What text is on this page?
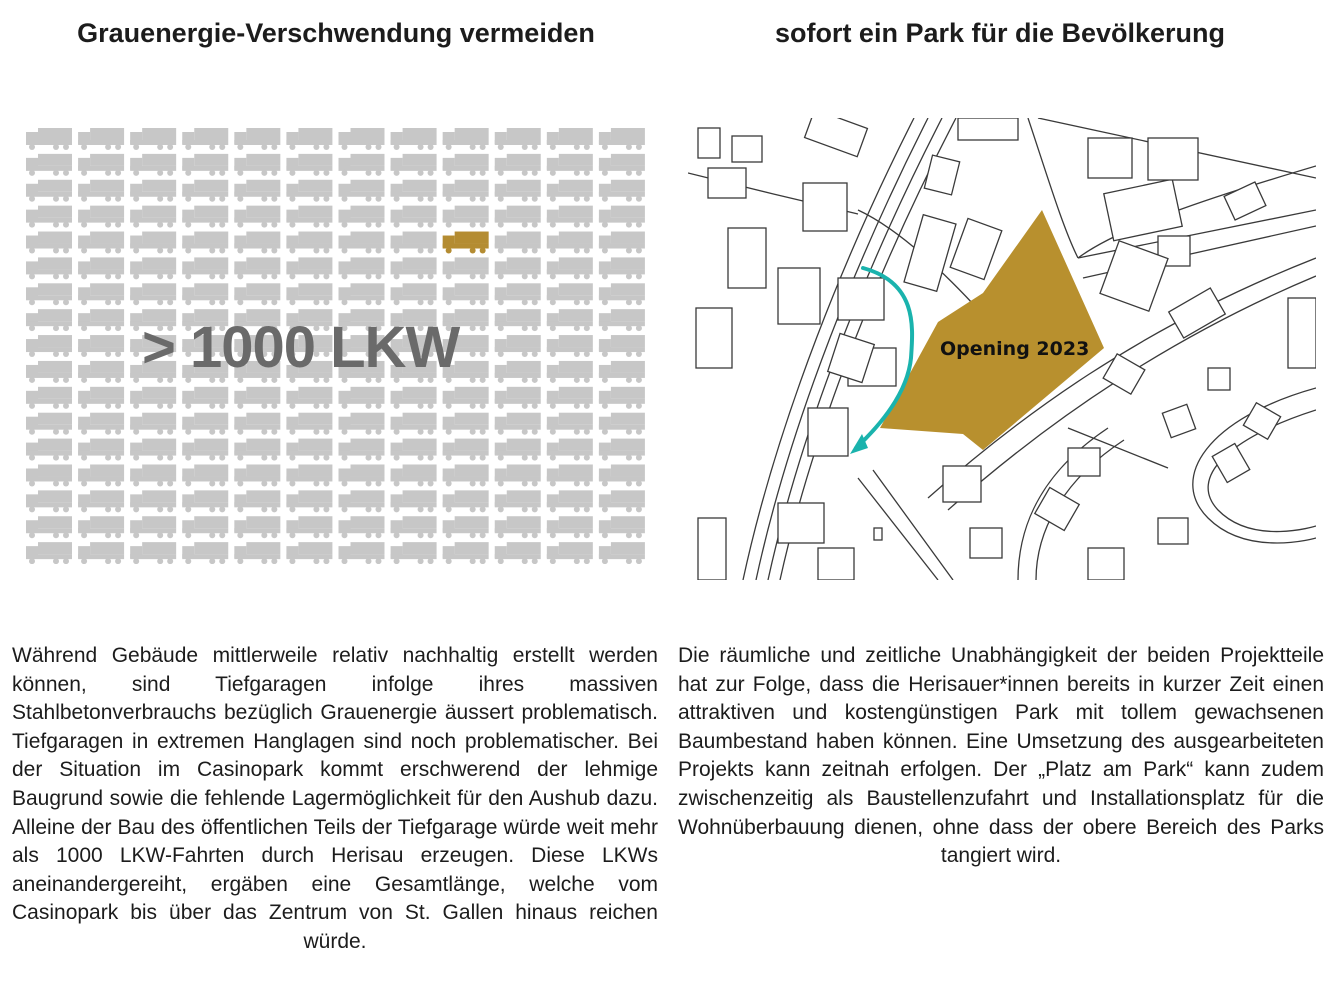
Grauenergie-Verschwendung vermeiden	sofort ein Park für die Bevölkerung
> 1000 LKW	Opening 2023
Während Gebäude mittlerweile relativ nachhaltig erstellt werden können, sind Tiefgaragen infolge ihres massiven Stahlbetonverbrauchs bezüglich Grauenergie äussert problematisch. Tiefgaragen in extremen Hanglagen sind noch problematischer. Bei der Situation im Casinopark kommt erschwerend der lehmige Baugrund sowie die fehlende Lagermöglichkeit für den Aushub dazu. Alleine der Bau des öffentlichen Teils der Tiefgarage würde weit mehr als 1000 LKW-Fahrten durch Herisau erzeugen. Diese LKWs aneinandergereiht, ergäben eine Gesamtlänge, welche vom Casinopark bis über das Zentrum von St. Gallen hinaus reichen würde.
Die räumliche und zeitliche Unabhängigkeit der beiden Projektteile hat zur Folge, dass die Herisauer*innen bereits in kurzer Zeit einen attraktiven und kostengünstigen Park mit tollem gewachsenen Baumbestand haben können. Eine Umsetzung des ausgearbeiteten Projekts kann zeitnah erfolgen. Der „Platz am Park“ kann zudem zwischenzeitig als Baustellenzufahrt und Installationsplatz für die Wohnüberbauung dienen, ohne dass der obere Bereich des Parks tangiert wird.
